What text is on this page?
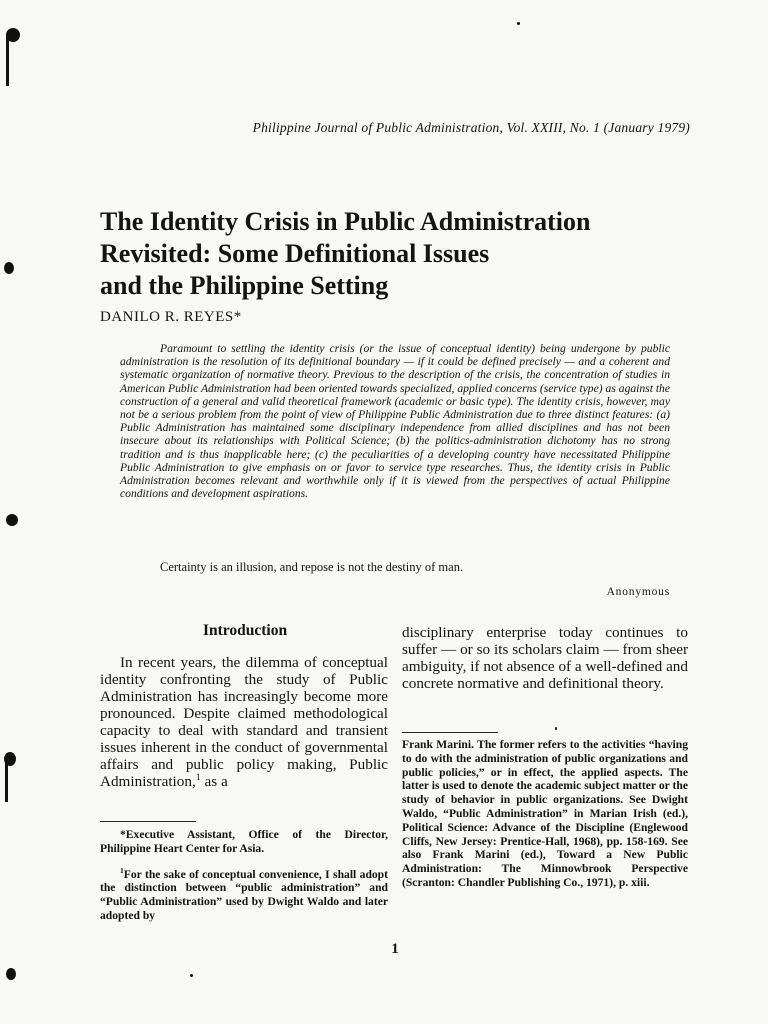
Philippine Journal of Public Administration, Vol. XXIII, No. 1 (January 1979)
The Identity Crisis in Public Administration
Revisited: Some Definitional Issues
and the Philippine Setting
DANILO R. REYES*

Paramount to settling the identity crisis (or the issue of conceptual identity) being undergone by public administration is the resolution of its definitional boundary — if it could be defined precisely — and a coherent and systematic organization of normative theory. Previous to the description of the crisis, the concentration of studies in American Public Administration had been oriented towards specialized, applied concerns (service type) as against the construction of a general and valid theoretical framework (academic or basic type). The identity crisis, however, may not be a serious problem from the point of view of Philippine Public Administration due to three distinct features: (a) Public Administration has maintained some disciplinary independence from allied disciplines and has not been insecure about its relationships with Political Science; (b) the politics-administration dichotomy has no strong tradition and is thus inapplicable here; (c) the peculiarities of a developing country have necessitated Philippine Public Administration to give emphasis on or favor to service type researches. Thus, the identity crisis in Public Administration becomes relevant and worthwhile only if it is viewed from the perspectives of actual Philippine conditions and development aspirations.

Certainty is an illusion, and repose is not the destiny of man.
Anonymous
Introduction

In recent years, the dilemma of conceptual identity confronting the study of Public Administration has increasingly become more pronounced. Despite claimed methodological capacity to deal with standard and transient issues inherent in the conduct of governmental affairs and public policy making, Public Administration,$^1$ as a

disciplinary enterprise today continues to suffer — or so its scholars claim — from sheer ambiguity, if not absence of a well-defined and concrete normative and definitional theory.

*Executive Assistant, Office of the Director, Philippine Heart Center for Asia.

$^1$For the sake of conceptual convenience, I shall adopt the distinction between “public administration” and “Public Administration” used by Dwight Waldo and later adopted by

Frank Marini. The former refers to the activities “having to do with the administration of public organizations and public policies,” or in effect, the applied aspects. The latter is used to denote the academic subject matter or the study of behavior in public organizations. See Dwight Waldo, “Public Administration” in Marian Irish (ed.), Political Science: Advance of the Discipline (Englewood Cliffs, New Jersey: Prentice-Hall, 1968), pp. 158-169. See also Frank Marini (ed.), Toward a New Public Administration: The Minnowbrook Perspective (Scranton: Chandler Publishing Co., 1971), p. xiii.

1
